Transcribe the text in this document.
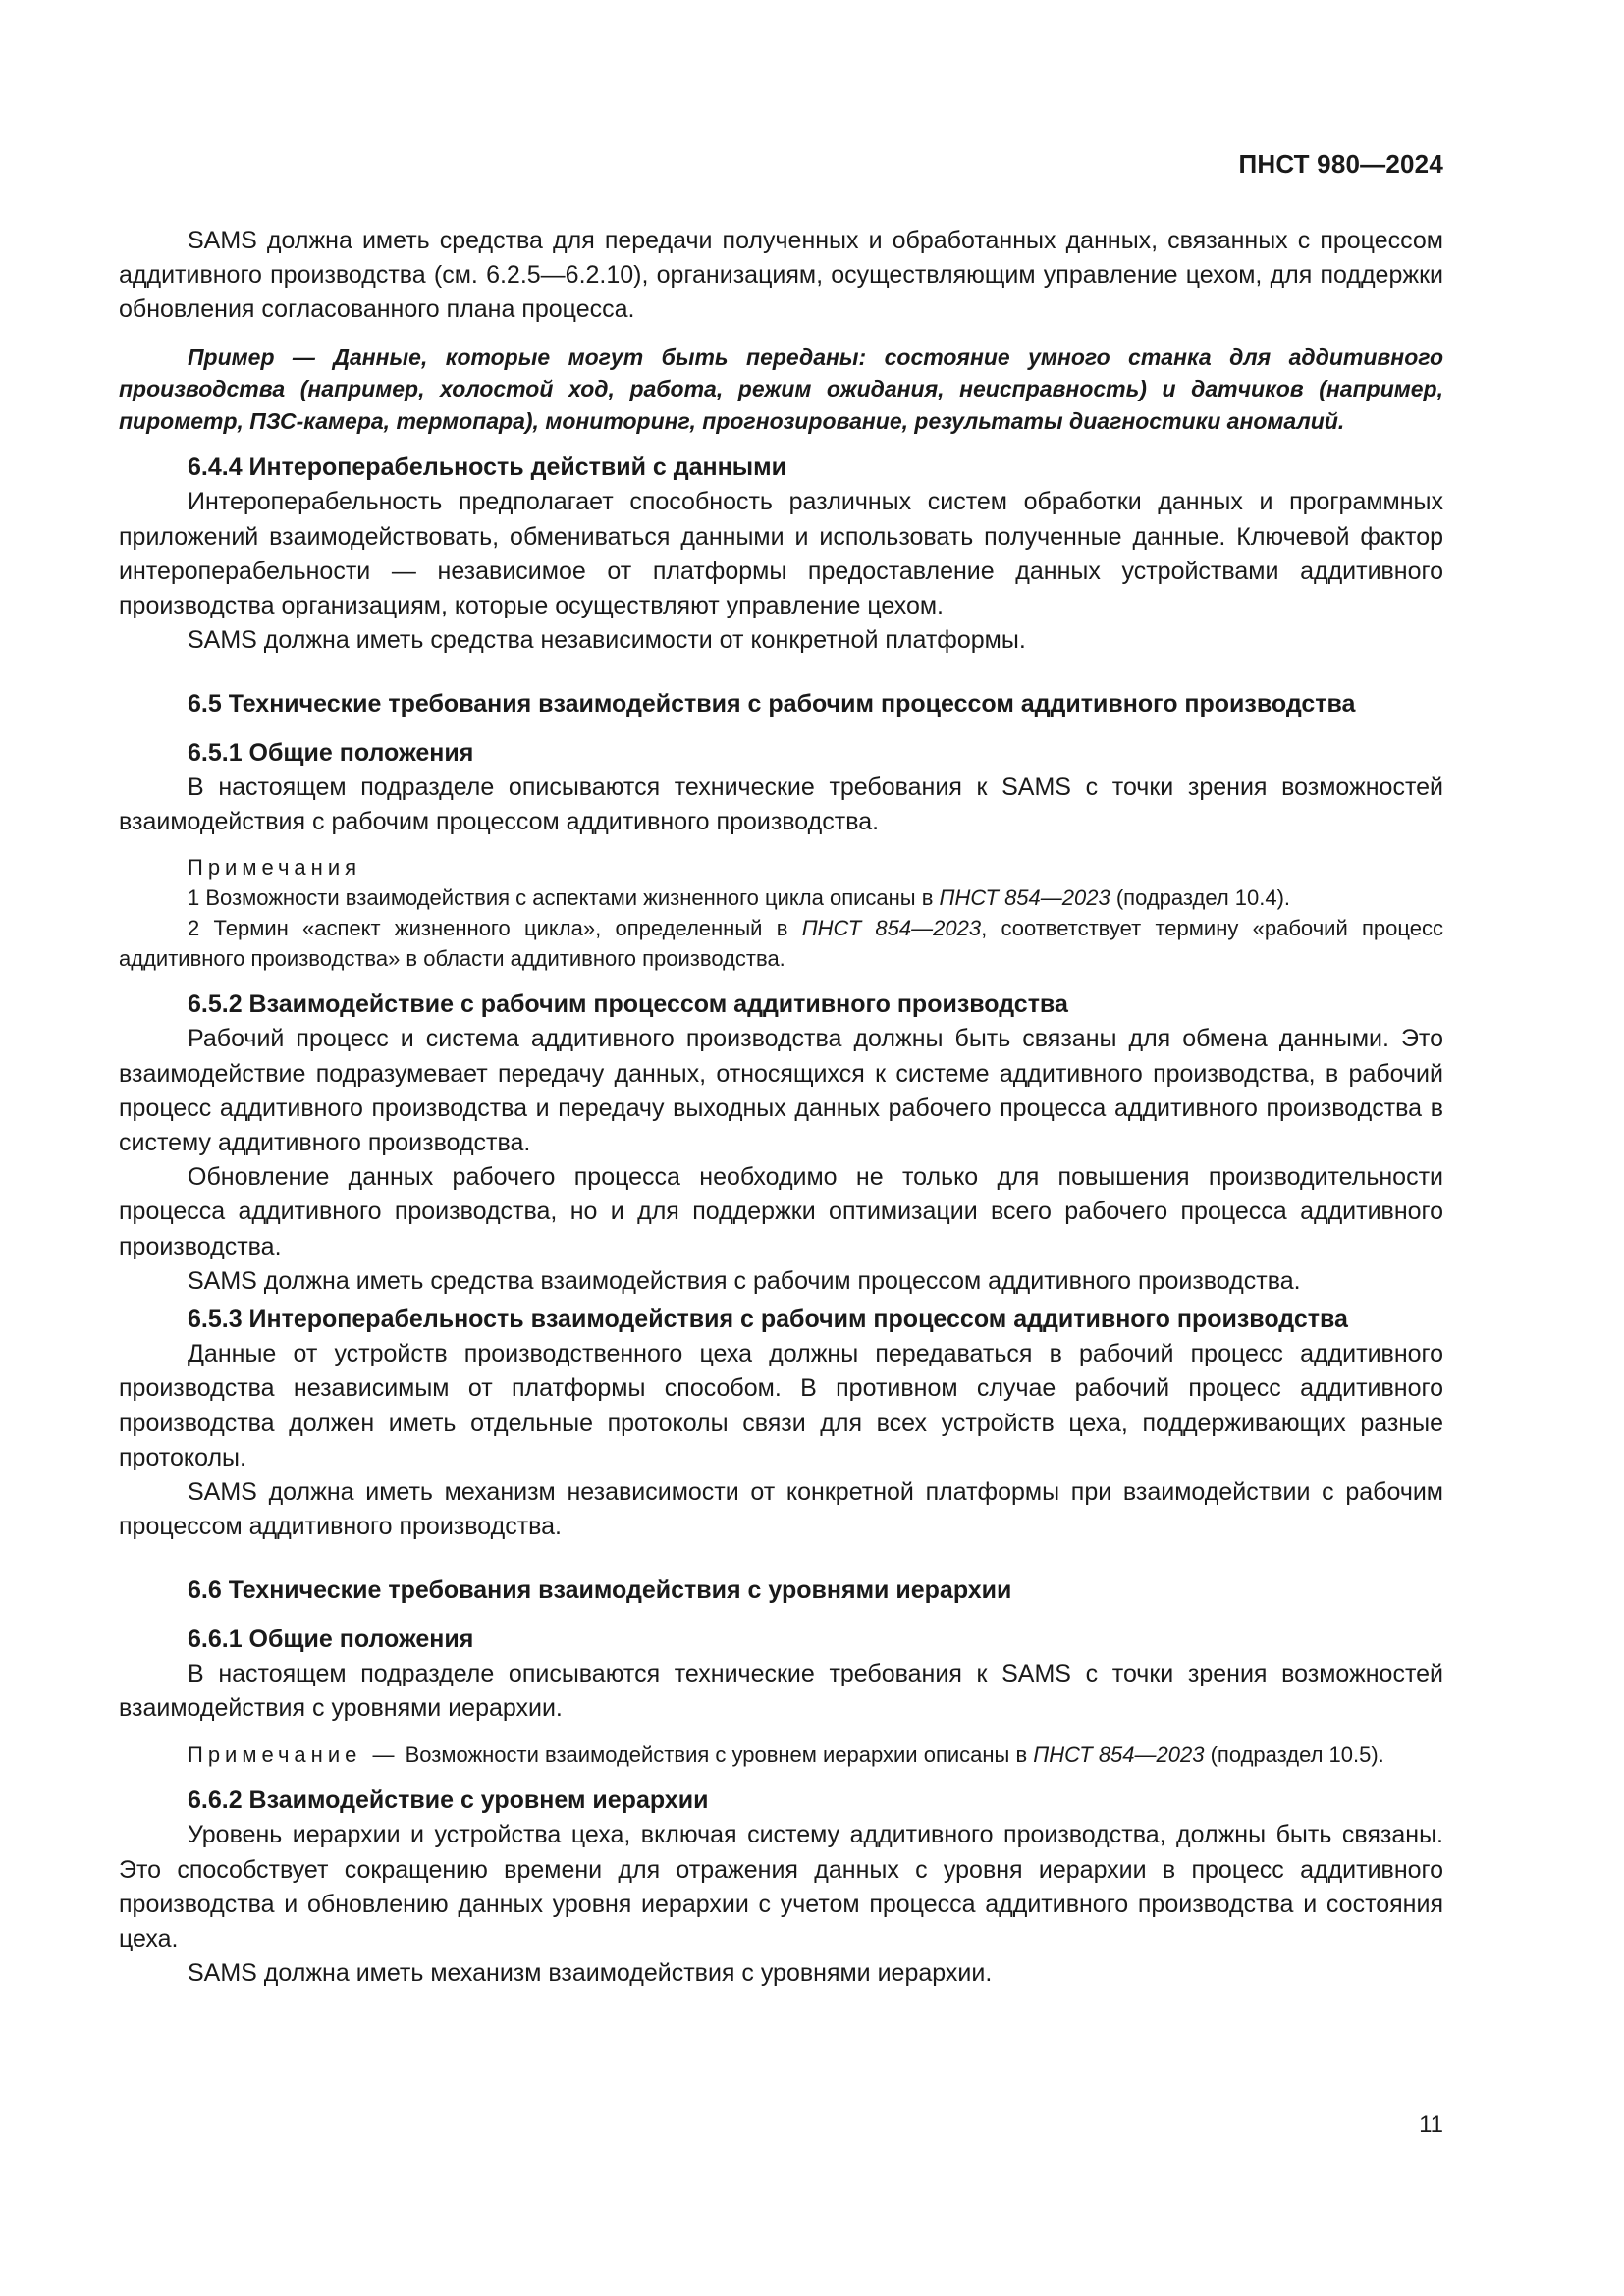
ПНСТ 980—2024

SAMS должна иметь средства для передачи полученных и обработанных данных, связанных с процессом аддитивного производства (см. 6.2.5—6.2.10), организациям, осуществляющим управление цехом, для поддержки обновления согласованного плана процесса.

Пример — Данные, которые могут быть переданы: состояние умного станка для аддитивного производства (например, холостой ход, работа, режим ожидания, неисправность) и датчиков (например, пирометр, ПЗС-камера, термопара), мониторинг, прогнозирование, результаты диагностики аномалий.

6.4.4 Интероперабельность действий с данными

Интероперабельность предполагает способность различных систем обработки данных и программных приложений взаимодействовать, обмениваться данными и использовать полученные данные. Ключевой фактор интероперабельности — независимое от платформы предоставление данных устройствами аддитивного производства организациям, которые осуществляют управление цехом.

SAMS должна иметь средства независимости от конкретной платформы.

6.5 Технические требования взаимодействия с рабочим процессом аддитивного производства
6.5.1 Общие положения

В настоящем подразделе описываются технические требования к SAMS с точки зрения возможностей взаимодействия с рабочим процессом аддитивного производства.

Примечания

1 Возможности взаимодействия с аспектами жизненного цикла описаны в ПНСТ 854—2023 (подраздел 10.4).

2 Термин «аспект жизненного цикла», определенный в ПНСТ 854—2023, соответствует термину «рабочий процесс аддитивного производства» в области аддитивного производства.

6.5.2 Взаимодействие с рабочим процессом аддитивного производства

Рабочий процесс и система аддитивного производства должны быть связаны для обмена данными. Это взаимодействие подразумевает передачу данных, относящихся к системе аддитивного производства, в рабочий процесс аддитивного производства и передачу выходных данных рабочего процесса аддитивного производства в систему аддитивного производства.

Обновление данных рабочего процесса необходимо не только для повышения производительности процесса аддитивного производства, но и для поддержки оптимизации всего рабочего процесса аддитивного производства.

SAMS должна иметь средства взаимодействия с рабочим процессом аддитивного производства.

6.5.3 Интероперабельность взаимодействия с рабочим процессом аддитивного производства

Данные от устройств производственного цеха должны передаваться в рабочий процесс аддитивного производства независимым от платформы способом. В противном случае рабочий процесс аддитивного производства должен иметь отдельные протоколы связи для всех устройств цеха, поддерживающих разные протоколы.

SAMS должна иметь механизм независимости от конкретной платформы при взаимодействии с рабочим процессом аддитивного производства.

6.6 Технические требования взаимодействия с уровнями иерархии
6.6.1 Общие положения

В настоящем подразделе описываются технические требования к SAMS с точки зрения возможностей взаимодействия с уровнями иерархии.

Примечание — Возможности взаимодействия с уровнем иерархии описаны в ПНСТ 854—2023 (подраздел 10.5).

6.6.2 Взаимодействие с уровнем иерархии

Уровень иерархии и устройства цеха, включая систему аддитивного производства, должны быть связаны. Это способствует сокращению времени для отражения данных с уровня иерархии в процесс аддитивного производства и обновлению данных уровня иерархии с учетом процесса аддитивного производства и состояния цеха.

SAMS должна иметь механизм взаимодействия с уровнями иерархии.

11
